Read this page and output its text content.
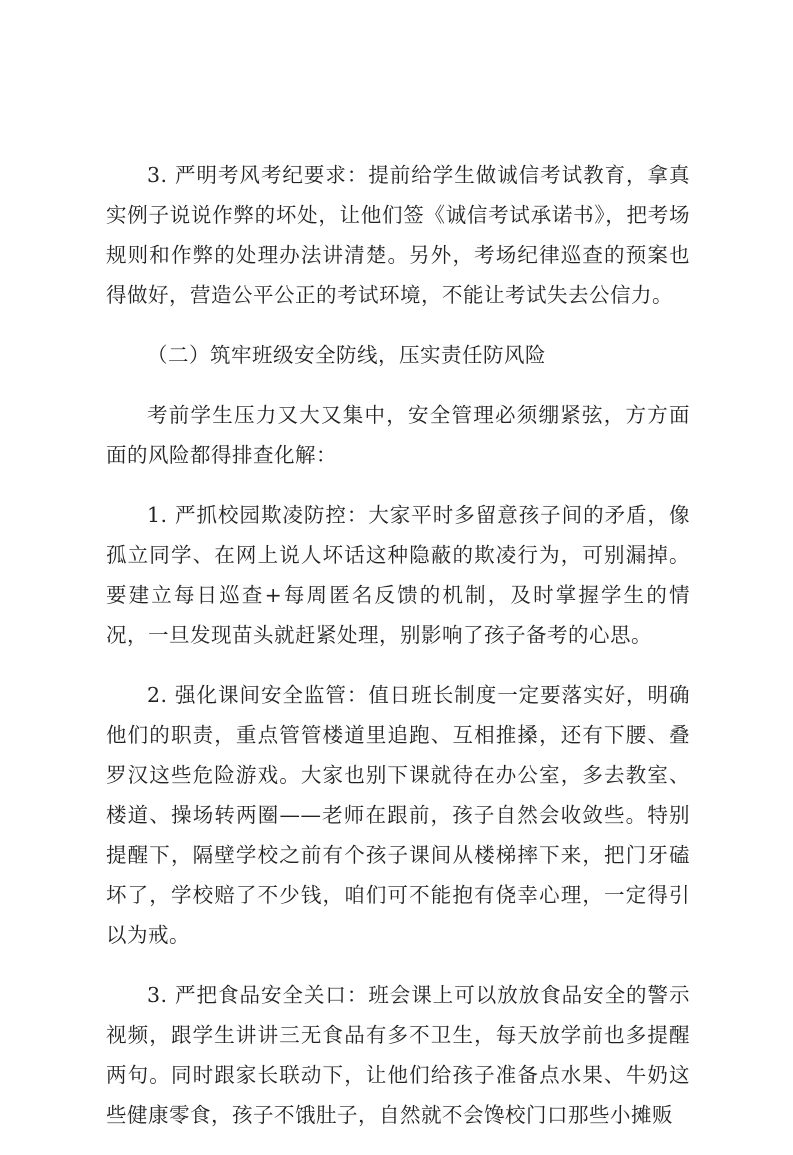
3. 严明考风考纪要求：提前给学生做诚信考试教育，拿真实例子说说作弊的坏处，让他们签《诚信考试承诺书》，把考场规则和作弊的处理办法讲清楚。另外，考场纪律巡查的预案也得做好，营造公平公正的考试环境，不能让考试失去公信力。

（二）筑牢班级安全防线，压实责任防风险

考前学生压力又大又集中，安全管理必须绷紧弦，方方面面的风险都得排查化解：

1. 严抓校园欺凌防控：大家平时多留意孩子间的矛盾，像孤立同学、在网上说人坏话这种隐蔽的欺凌行为，可别漏掉。要建立每日巡查+每周匿名反馈的机制，及时掌握学生的情况，一旦发现苗头就赶紧处理，别影响了孩子备考的心思。

2. 强化课间安全监管：值日班长制度一定要落实好，明确他们的职责，重点管管楼道里追跑、互相推搡，还有下腰、叠罗汉这些危险游戏。大家也别下课就待在办公室，多去教室、楼道、操场转两圈——老师在跟前，孩子自然会收敛些。特别提醒下，隔壁学校之前有个孩子课间从楼梯摔下来，把门牙磕坏了，学校赔了不少钱，咱们可不能抱有侥幸心理，一定得引以为戒。

3. 严把食品安全关口：班会课上可以放放食品安全的警示视频，跟学生讲讲三无食品有多不卫生，每天放学前也多提醒两句。同时跟家长联动下，让他们给孩子准备点水果、牛奶这些健康零食，孩子不饿肚子，自然就不会馋校门口那些小摊贩
